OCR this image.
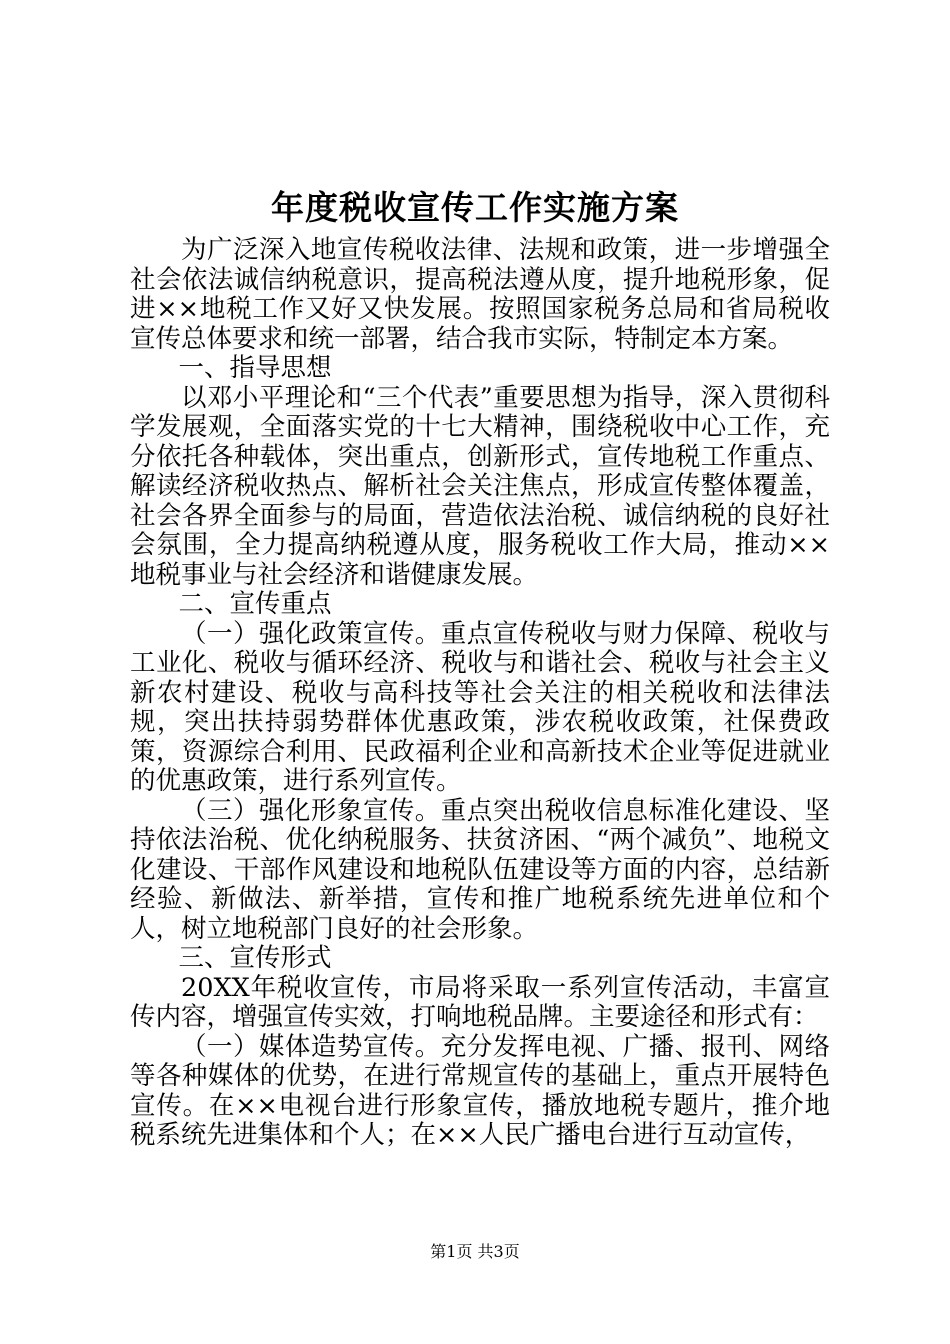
年度税收宣传工作实施方案

为广泛深入地宣传税收法律、法规和政策，进一步增强全社会依法诚信纳税意识，提高税法遵从度，提升地税形象，促进××地税工作又好又快发展。按照国家税务总局和省局税收宣传总体要求和统一部署，结合我市实际，特制定本方案。

一、指导思想

以邓小平理论和“三个代表”重要思想为指导，深入贯彻科学发展观，全面落实党的十七大精神，围绕税收中心工作，充分依托各种载体，突出重点，创新形式，宣传地税工作重点、解读经济税收热点、解析社会关注焦点，形成宣传整体覆盖，社会各界全面参与的局面，营造依法治税、诚信纳税的良好社会氛围，全力提高纳税遵从度，服务税收工作大局，推动××地税事业与社会经济和谐健康发展。

二、宣传重点

（一）强化政策宣传。重点宣传税收与财力保障、税收与工业化、税收与循环经济、税收与和谐社会、税收与社会主义新农村建设、税收与高科技等社会关注的相关税收和法律法规，突出扶持弱势群体优惠政策，涉农税收政策，社保费政策，资源综合利用、民政福利企业和高新技术企业等促进就业的优惠政策，进行系列宣传。

（三）强化形象宣传。重点突出税收信息标准化建设、坚持依法治税、优化纳税服务、扶贫济困、“两个减负”、地税文化建设、干部作风建设和地税队伍建设等方面的内容，总结新经验、新做法、新举措，宣传和推广地税系统先进单位和个人，树立地税部门良好的社会形象。

三、宣传形式

20XX年税收宣传，市局将采取一系列宣传活动，丰富宣传内容，增强宣传实效，打响地税品牌。主要途径和形式有：

（一）媒体造势宣传。充分发挥电视、广播、报刊、网络等各种媒体的优势，在进行常规宣传的基础上，重点开展特色宣传。在××电视台进行形象宣传，播放地税专题片，推介地税系统先进集体和个人；在××人民广播电台进行互动宣传，

第1页 共3页
